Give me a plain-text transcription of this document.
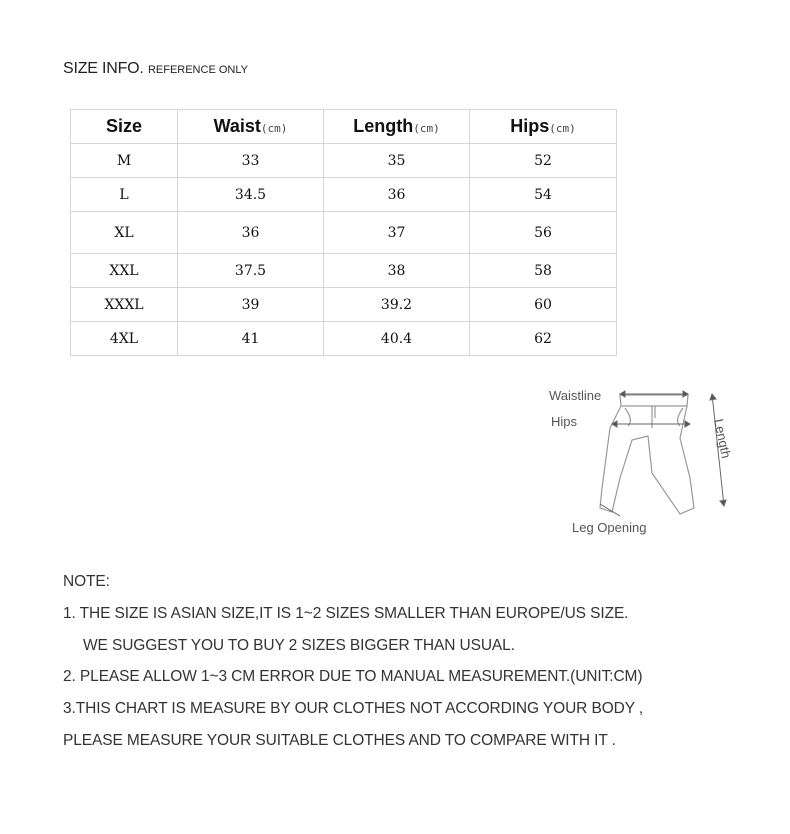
SIZE INFO. REFERENCE ONLY
Size	Waist(cm)	Length(cm)	Hips(cm)
M	33	35	52
L	34.5	36	54
XL	36	37	56
XXL	37.5	38	58
XXXL	39	39.2	60
4XL	41	40.4	62
Waistline
Hips	Length
Leg Opening
NOTE:
1. THE SIZE IS ASIAN SIZE,IT IS 1~2 SIZES SMALLER THAN EUROPE/US SIZE.
WE SUGGEST YOU TO BUY 2 SIZES BIGGER THAN USUAL.
2. PLEASE ALLOW 1~3 CM ERROR DUE TO MANUAL MEASUREMENT.(UNIT:CM)
3.THIS CHART IS MEASURE BY OUR CLOTHES NOT ACCORDING YOUR BODY ,
PLEASE MEASURE YOUR SUITABLE CLOTHES AND TO COMPARE WITH IT .
